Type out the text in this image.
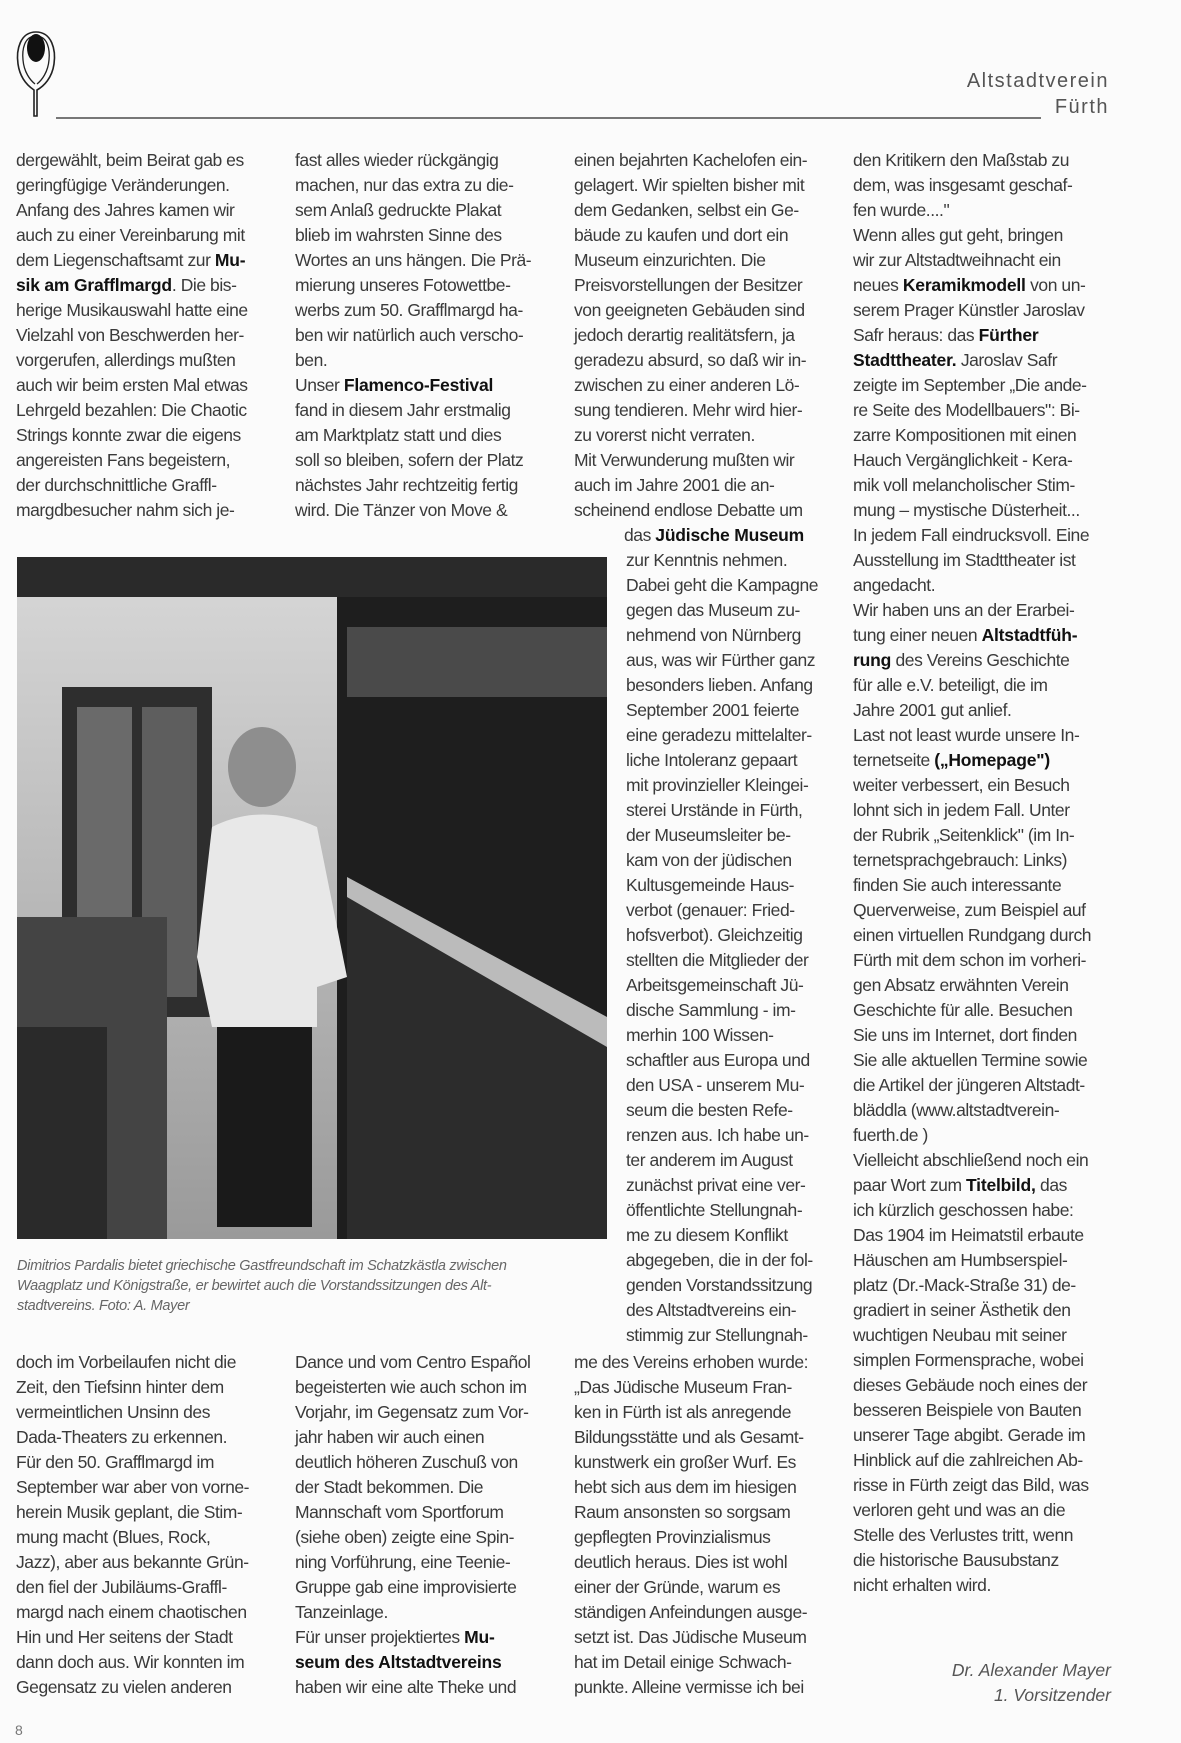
Altstadtverein
Fürth
dergewählt, beim Beirat gab es
geringfügige Veränderungen.
Anfang des Jahres kamen wir
auch zu einer Vereinbarung mit
dem Liegenschaftsamt zur Mu-
sik am Grafflmargd. Die bis-
herige Musikauswahl hatte eine
Vielzahl von Beschwerden her-
vorgerufen, allerdings mußten
auch wir beim ersten Mal etwas
Lehrgeld bezahlen: Die Chaotic
Strings konnte zwar die eigens
angereisten Fans begeistern,
der durchschnittliche Graffl-
margdbesucher nahm sich je-
fast alles wieder rückgängig
machen, nur das extra zu die-
sem Anlaß gedruckte Plakat
blieb im wahrsten Sinne des
Wortes an uns hängen. Die Prä-
mierung unseres Fotowettbe-
werbs zum 50. Grafflmargd ha-
ben wir natürlich auch verscho-
ben.
Unser Flamenco-Festival
fand in diesem Jahr erstmalig
am Marktplatz statt und dies
soll so bleiben, sofern der Platz
nächstes Jahr rechtzeitig fertig
wird. Die Tänzer von Move &
einen bejahrten Kachelofen ein-
gelagert. Wir spielten bisher mit
dem Gedanken, selbst ein Ge-
bäude zu kaufen und dort ein
Museum einzurichten. Die
Preisvorstellungen der Besitzer
von geeigneten Gebäuden sind
jedoch derartig realitätsfern, ja
geradezu absurd, so daß wir in-
zwischen zu einer anderen Lö-
sung tendieren. Mehr wird hier-
zu vorerst nicht verraten.
Mit Verwunderung mußten wir
auch im Jahre 2001 die an-
scheinend endlose Debatte um
das Jüdische Museum
zur Kenntnis nehmen.
Dabei geht die Kampagne
gegen das Museum zu-
nehmend von Nürnberg
aus, was wir Fürther ganz
besonders lieben. Anfang
September 2001 feierte
eine geradezu mittelalter-
liche Intoleranz gepaart
mit provinzieller Kleingei-
sterei Urstände in Fürth,
der Museumsleiter be-
kam von der jüdischen
Kultusgemeinde Haus-
verbot (genauer: Fried-
hofsverbot). Gleichzeitig
stellten die Mitglieder der
Arbeitsgemeinschaft Jü-
dische Sammlung - im-
merhin 100 Wissen-
schaftler aus Europa und
den USA - unserem Mu-
seum die besten Refe-
renzen aus. Ich habe un-
ter anderem im August
zunächst privat eine ver-
öffentlichte Stellungnah-
me zu diesem Konflikt
abgegeben, die in der fol-
genden Vorstandssitzung
des Altstadtvereins ein-
stimmig zur Stellungnah-
me des Vereins erhoben wurde:
„Das Jüdische Museum Fran-
ken in Fürth ist als anregende
Bildungsstätte und als Gesamt-
kunstwerk ein großer Wurf. Es
hebt sich aus dem im hiesigen
Raum ansonsten so sorgsam
gepflegten Provinzialismus
deutlich heraus. Dies ist wohl
einer der Gründe, warum es
ständigen Anfeindungen ausge-
setzt ist. Das Jüdische Museum
hat im Detail einige Schwach-
punkte. Alleine vermisse ich bei
den Kritikern den Maßstab zu
dem, was insgesamt geschaf-
fen wurde...."
Wenn alles gut geht, bringen
wir zur Altstadtweihnacht ein
neues Keramikmodell von un-
serem Prager Künstler Jaroslav
Safr heraus: das Fürther
Stadttheater. Jaroslav Safr
zeigte im September „Die ande-
re Seite des Modellbauers": Bi-
zarre Kompositionen mit einen
Hauch Vergänglichkeit - Kera-
mik voll melancholischer Stim-
mung – mystische Düsterheit...
In jedem Fall eindrucksvoll. Eine
Ausstellung im Stadttheater ist
angedacht.
Wir haben uns an der Erarbei-
tung einer neuen Altstadtfüh-
rung des Vereins Geschichte
für alle e.V. beteiligt, die im
Jahre 2001 gut anlief.
Last not least wurde unsere In-
ternetseite („Homepage")
weiter verbessert, ein Besuch
lohnt sich in jedem Fall. Unter
der Rubrik „Seitenklick" (im In-
ternetsprachgebrauch: Links)
finden Sie auch interessante
Querverweise, zum Beispiel auf
einen virtuellen Rundgang durch
Fürth mit dem schon im vorheri-
gen Absatz erwähnten Verein
Geschichte für alle. Besuchen
Sie uns im Internet, dort finden
Sie alle aktuellen Termine sowie
die Artikel der jüngeren Altstadt-
bläddla (www.altstadtverein-
fuerth.de )
Vielleicht abschließend noch ein
paar Wort zum Titelbild, das
ich kürzlich geschossen habe:
Das 1904 im Heimatstil erbaute
Häuschen am Humbserspiel-
platz (Dr.-Mack-Straße 31) de-
gradiert in seiner Ästhetik den
wuchtigen Neubau mit seiner
simplen Formensprache, wobei
dieses Gebäude noch eines der
besseren Beispiele von Bauten
unserer Tage abgibt. Gerade im
Hinblick auf die zahlreichen Ab-
risse in Fürth zeigt das Bild, was
verloren geht und was an die
Stelle des Verlustes tritt, wenn
die historische Bausubstanz
nicht erhalten wird.
doch im Vorbeilaufen nicht die
Zeit, den Tiefsinn hinter dem
vermeintlichen Unsinn des
Dada-Theaters zu erkennen.
Für den 50. Grafflmargd im
September war aber von vorne-
herein Musik geplant, die Stim-
mung macht (Blues, Rock,
Jazz), aber aus bekannte Grün-
den fiel der Jubiläums-Graffl-
margd nach einem chaotischen
Hin und Her seitens der Stadt
dann doch aus. Wir konnten im
Gegensatz zu vielen anderen
Dance und vom Centro Español
begeisterten wie auch schon im
Vorjahr, im Gegensatz zum Vor-
jahr haben wir auch einen
deutlich höheren Zuschuß von
der Stadt bekommen. Die
Mannschaft vom Sportforum
(siehe oben) zeigte eine Spin-
ning Vorführung, eine Teenie-
Gruppe gab eine improvisierte
Tanzeinlage.
Für unser projektiertes Mu-
seum des Altstadtvereins
haben wir eine alte Theke und
Dimitrios Pardalis bietet griechische Gastfreundschaft im Schatzkästla zwischen
Waagplatz und Königstraße, er bewirtet auch die Vorstandssitzungen des Alt-
stadtvereins. Foto: A. Mayer
Dr. Alexander Mayer
1. Vorsitzender
8
